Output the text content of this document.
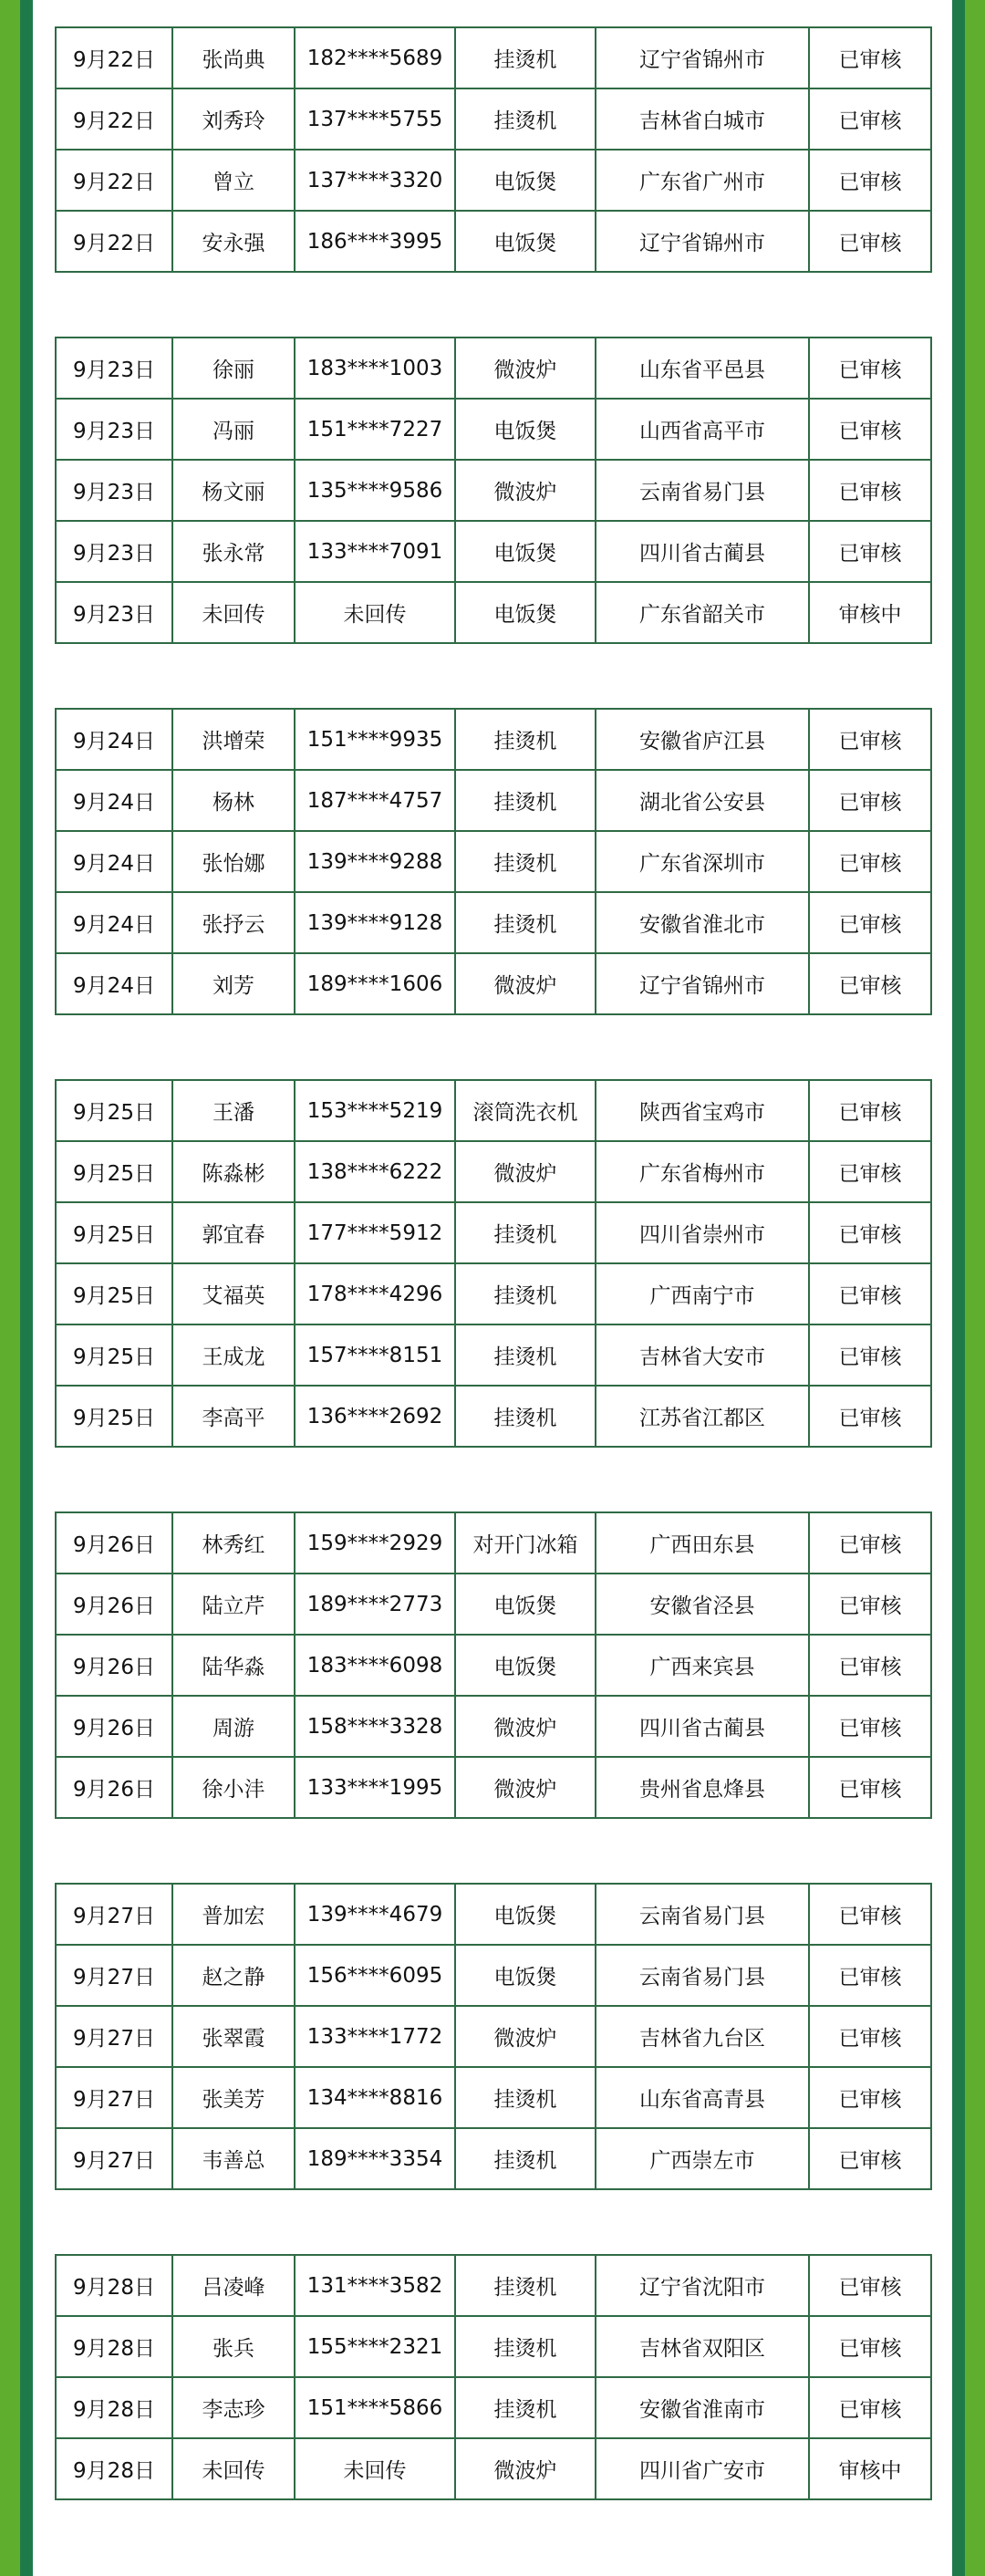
9月22日	张尚典	182****5689	挂烫机	辽宁省锦州市	已审核
9月22日	刘秀玲	137****5755	挂烫机	吉林省白城市	已审核
9月22日	曾立	137****3320	电饭煲	广东省广州市	已审核
9月22日	安永强	186****3995	电饭煲	辽宁省锦州市	已审核
9月23日	徐丽	183****1003	微波炉	山东省平邑县	已审核
9月23日	冯丽	151****7227	电饭煲	山西省高平市	已审核
9月23日	杨文丽	135****9586	微波炉	云南省易门县	已审核
9月23日	张永常	133****7091	电饭煲	四川省古蔺县	已审核
9月23日	未回传	未回传	电饭煲	广东省韶关市	审核中
9月24日	洪增荣	151****9935	挂烫机	安徽省庐江县	已审核
9月24日	杨林	187****4757	挂烫机	湖北省公安县	已审核
9月24日	张怡娜	139****9288	挂烫机	广东省深圳市	已审核
9月24日	张抒云	139****9128	挂烫机	安徽省淮北市	已审核
9月24日	刘芳	189****1606	微波炉	辽宁省锦州市	已审核
9月25日	王潘	153****5219	滚筒洗衣机	陕西省宝鸡市	已审核
9月25日	陈淼彬	138****6222	微波炉	广东省梅州市	已审核
9月25日	郭宜春	177****5912	挂烫机	四川省崇州市	已审核
9月25日	艾福英	178****4296	挂烫机	广西南宁市	已审核
9月25日	王成龙	157****8151	挂烫机	吉林省大安市	已审核
9月25日	李高平	136****2692	挂烫机	江苏省江都区	已审核
9月26日	林秀红	159****2929	对开门冰箱	广西田东县	已审核
9月26日	陆立芹	189****2773	电饭煲	安徽省泾县	已审核
9月26日	陆华淼	183****6098	电饭煲	广西来宾县	已审核
9月26日	周游	158****3328	微波炉	四川省古蔺县	已审核
9月26日	徐小沣	133****1995	微波炉	贵州省息烽县	已审核
9月27日	普加宏	139****4679	电饭煲	云南省易门县	已审核
9月27日	赵之静	156****6095	电饭煲	云南省易门县	已审核
9月27日	张翠霞	133****1772	微波炉	吉林省九台区	已审核
9月27日	张美芳	134****8816	挂烫机	山东省高青县	已审核
9月27日	韦善总	189****3354	挂烫机	广西崇左市	已审核
9月28日	吕凌峰	131****3582	挂烫机	辽宁省沈阳市	已审核
9月28日	张兵	155****2321	挂烫机	吉林省双阳区	已审核
9月28日	李志珍	151****5866	挂烫机	安徽省淮南市	已审核
9月28日	未回传	未回传	微波炉	四川省广安市	审核中
